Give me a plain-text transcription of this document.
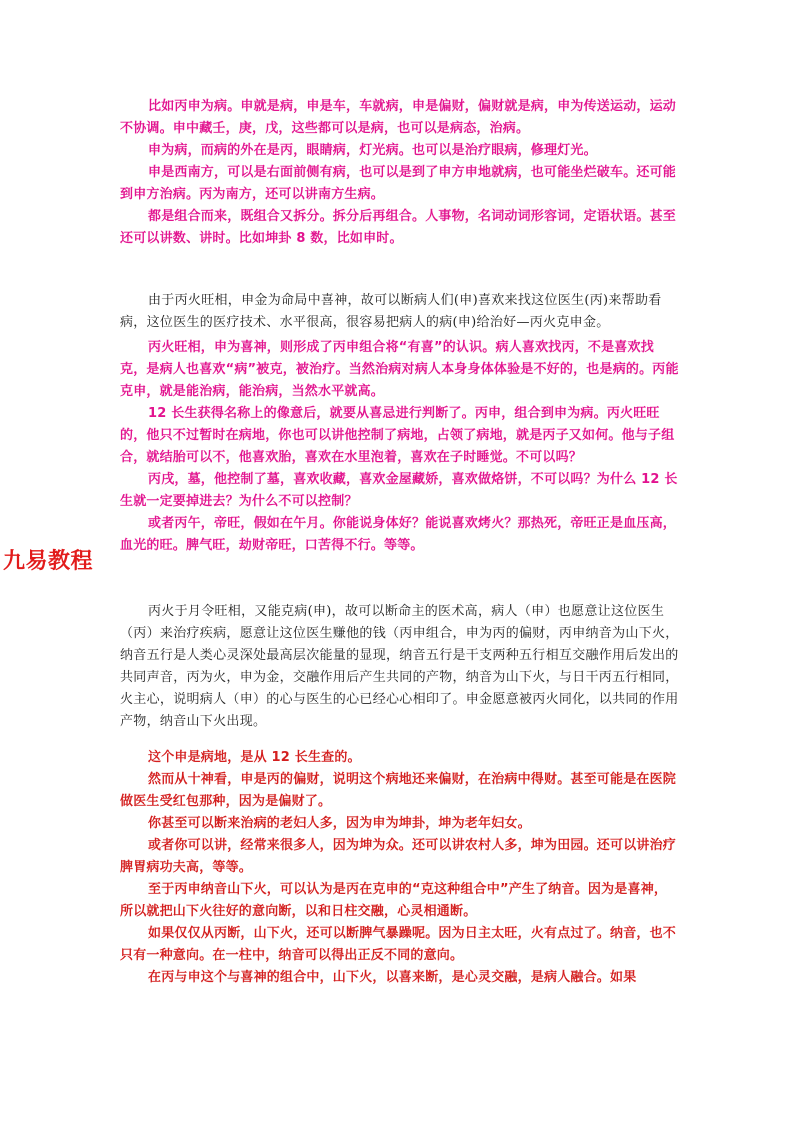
比如丙申为病。申就是病，申是车，车就病，申是偏财，偏财就是病，申为传送运动，运动不协调。申中藏壬，庚，戊，这些都可以是病，也可以是病态，治病。

申为病，而病的外在是丙，眼睛病，灯光病。也可以是治疗眼病，修理灯光。

申是西南方，可以是右面前侧有病，也可以是到了申方申地就病，也可能坐烂破车。还可能到申方治病。丙为南方，还可以讲南方生病。

都是组合而来，既组合又拆分。拆分后再组合。人事物，名词动词形容词，定语状语。甚至还可以讲数、讲时。比如坤卦 8 数，比如申时。

由于丙火旺相，申金为命局中喜神，故可以断病人们(申)喜欢来找这位医生(丙)来帮助看病，这位医生的医疗技术、水平很高，很容易把病人的病(申)给治好—丙火克申金。

丙火旺相，申为喜神，则形成了丙申组合将“有喜”的认识。病人喜欢找丙，不是喜欢找克，是病人也喜欢“病”被克，被治疗。当然治病对病人本身身体体验是不好的，也是病的。丙能克申，就是能治病，能治病，当然水平就高。

12 长生获得名称上的像意后，就要从喜忌进行判断了。丙申，组合到申为病。丙火旺旺的，他只不过暂时在病地，你也可以讲他控制了病地，占领了病地，就是丙子又如何。他与子组合，就结胎可以不，他喜欢胎，喜欢在水里泡着，喜欢在子时睡觉。不可以吗？

丙戌，墓，他控制了墓，喜欢收藏，喜欢金屋藏娇，喜欢做烙饼，不可以吗？为什么 12 长生就一定要掉进去？为什么不可以控制？

或者丙午，帝旺，假如在午月。你能说身体好？能说喜欢烤火？那热死，帝旺正是血压高，血光的旺。脾气旺，劫财帝旺，口苦得不行。等等。

九易教程

丙火于月令旺相，又能克病(申)，故可以断命主的医术高，病人（申）也愿意让这位医生（丙）来治疗疾病，愿意让这位医生赚他的钱（丙申组合，申为丙的偏财，丙申纳音为山下火，纳音五行是人类心灵深处最高层次能量的显现，纳音五行是干支两种五行相互交融作用后发出的共同声音，丙为火，申为金，交融作用后产生共同的产物，纳音为山下火，与日干丙五行相同，火主心，说明病人（申）的心与医生的心已经心心相印了。申金愿意被丙火同化，以共同的作用产物，纳音山下火出现。

这个申是病地，是从 12 长生查的。

然而从十神看，申是丙的偏财，说明这个病地还来偏财，在治病中得财。甚至可能是在医院做医生受红包那种，因为是偏财了。

你甚至可以断来治病的老妇人多，因为申为坤卦，坤为老年妇女。

或者你可以讲，经常来很多人，因为坤为众。还可以讲农村人多，坤为田园。还可以讲治疗脾胃病功夫高，等等。

至于丙申纳音山下火，可以认为是丙在克申的“克这种组合中”产生了纳音。因为是喜神，所以就把山下火往好的意向断，以和日柱交融，心灵相通断。

如果仅仅从丙断，山下火，还可以断脾气暴躁呢。因为日主太旺，火有点过了。纳音，也不只有一种意向。在一柱中，纳音可以得出正反不同的意向。

在丙与申这个与喜神的组合中，山下火，以喜来断，是心灵交融，是病人融合。如果
